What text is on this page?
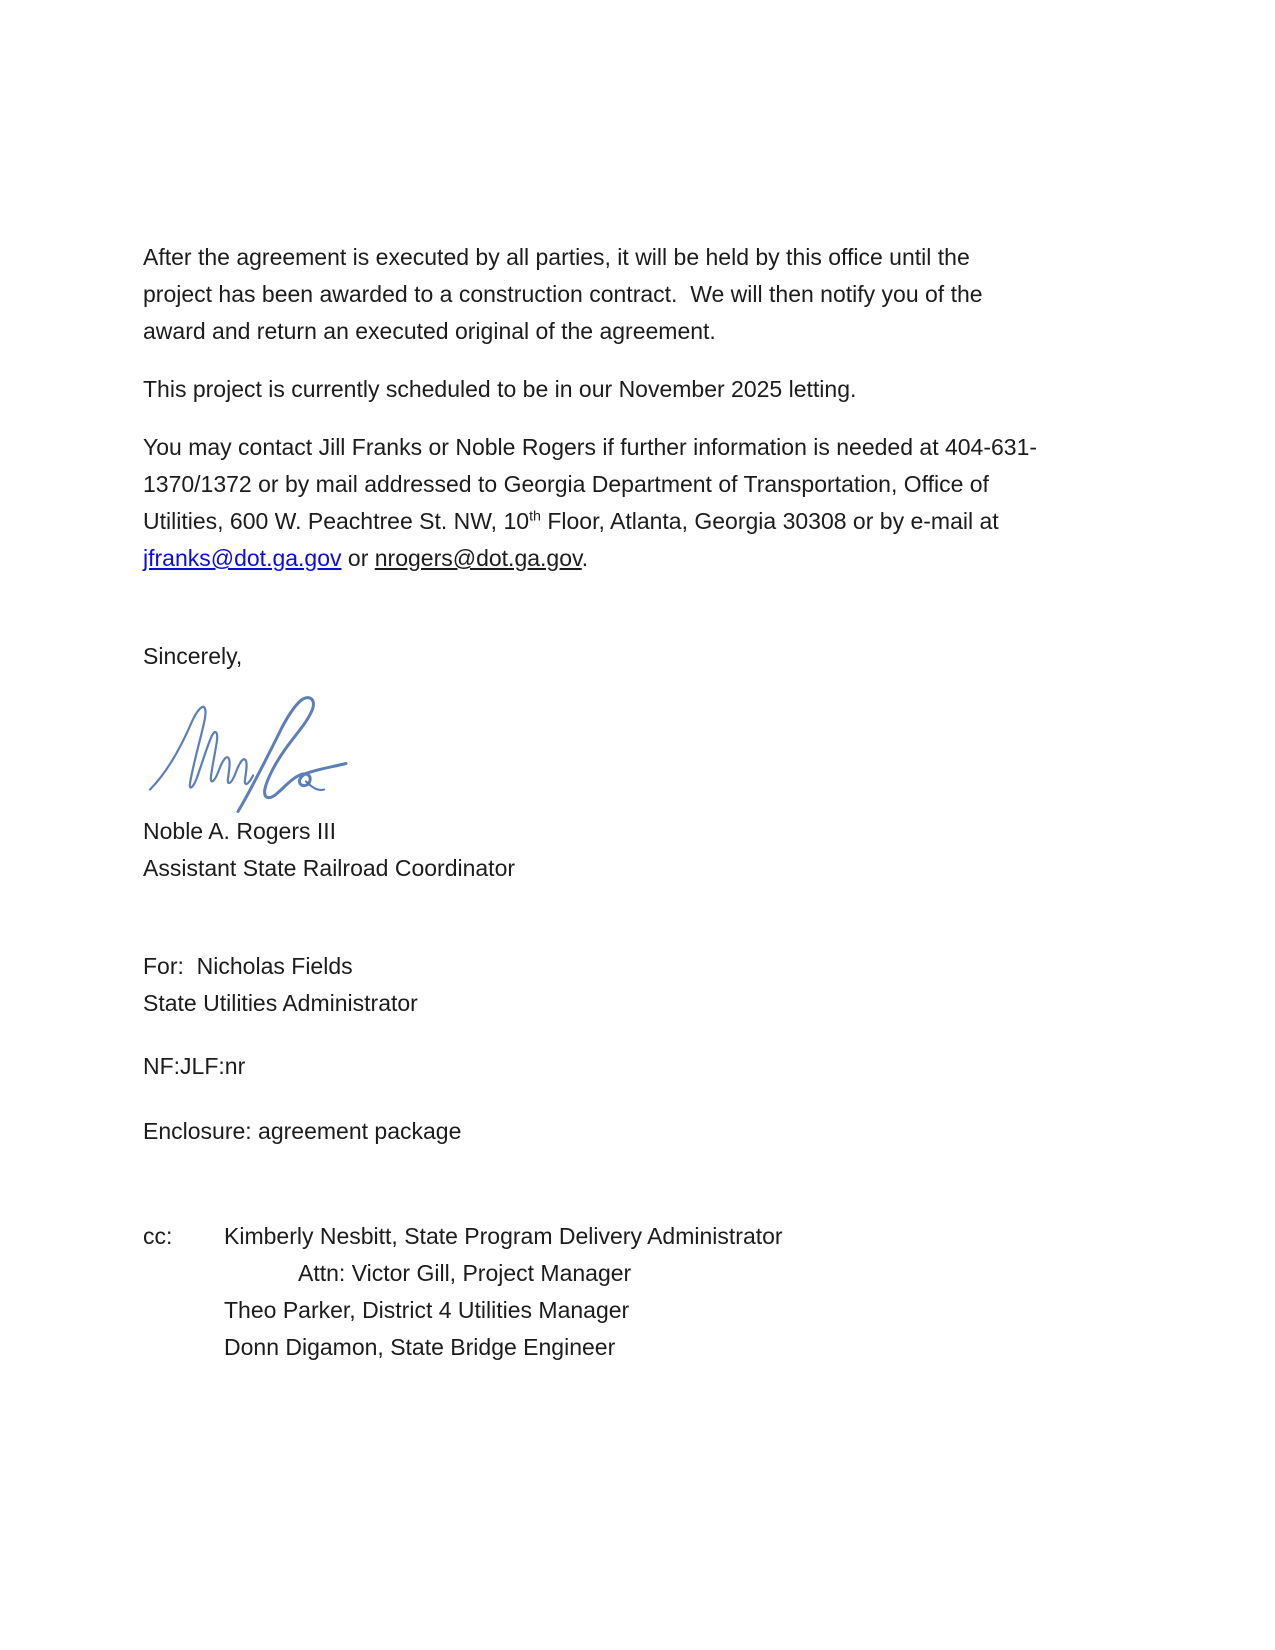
After the agreement is executed by all parties, it will be held by this office until the
project has been awarded to a construction contract.  We will then notify you of the
award and return an executed original of the agreement.
This project is currently scheduled to be in our November 2025 letting.
You may contact Jill Franks or Noble Rogers if further information is needed at 404-631-
1370/1372 or by mail addressed to Georgia Department of Transportation, Office of
Utilities, 600 W. Peachtree St. NW, 10th Floor, Atlanta, Georgia 30308 or by e-mail at
jfranks@dot.ga.gov or nrogers@dot.ga.gov.
Sincerely,
Noble A. Rogers III
Assistant State Railroad Coordinator
For:  Nicholas Fields
State Utilities Administrator
NF:JLF:nr
Enclosure: agreement package
cc:	Kimberly Nesbitt, State Program Delivery Administrator
Attn: Victor Gill, Project Manager
Theo Parker, District 4 Utilities Manager
Donn Digamon, State Bridge Engineer
